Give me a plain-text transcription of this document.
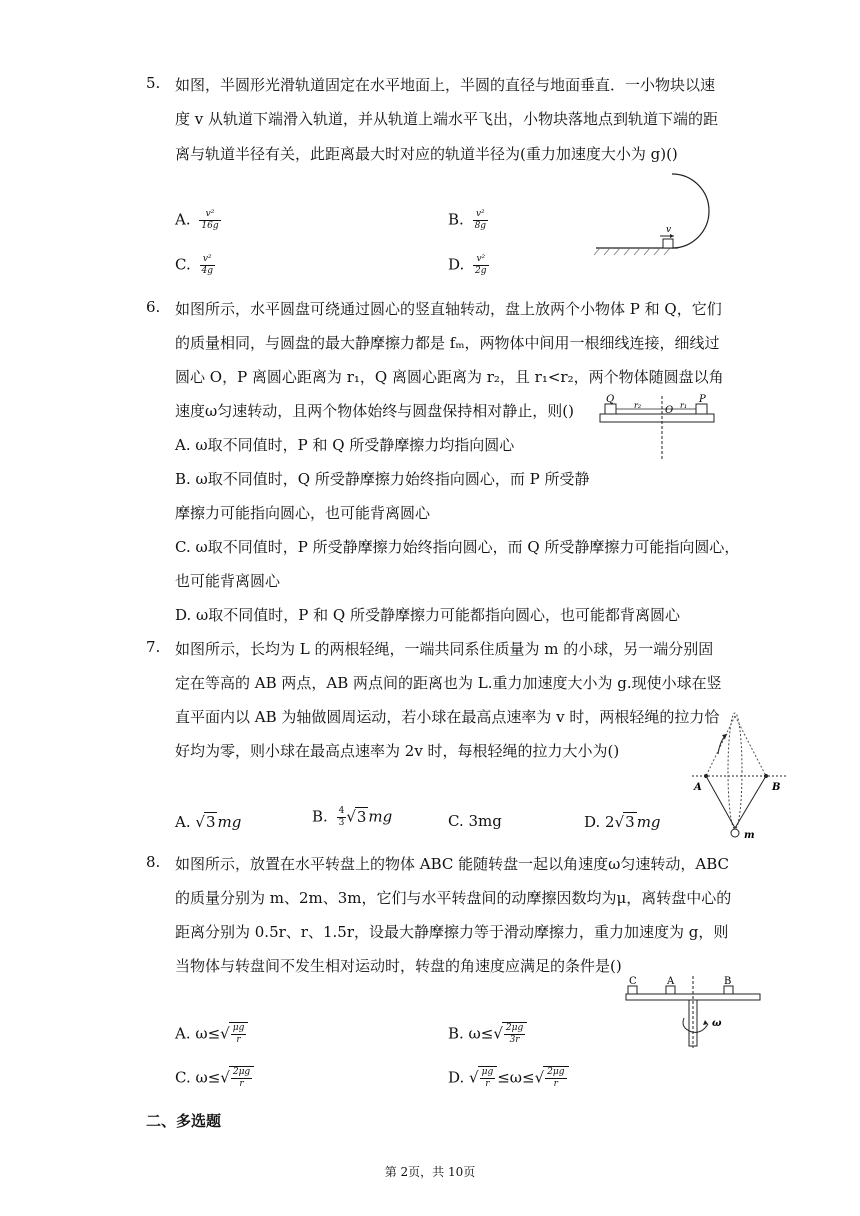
5. 如图，半圆形光滑轨道固定在水平地面上，半圆的直径与地面垂直．一小物块以速
度 v 从轨道下端滑入轨道，并从轨道上端水平飞出，小物块落地点到轨道下端的距
离与轨道半径有关，此距离最大时对应的轨道半径为(重力加速度大小为 g)()
A. $\frac{\text{v²}}{16g}$	B. $\frac{\text{v²}}{8g}$
C. $\frac{\text{v²}}{4g}$	D. $\frac{\text{v²}}{2g}$
v
6. 如图所示，水平圆盘可绕通过圆心的竖直轴转动，盘上放两个小物体 P 和 Q，它们
的质量相同，与圆盘的最大静摩擦力都是 fₘ，两物体中间用一根细线连接，细线过
圆心 O，P 离圆心距离为 r₁，Q 离圆心距离为 r₂，且 r₁<r₂，两个物体随圆盘以角
速度ω匀速转动，且两个物体始终与圆盘保持相对静止，则()
A. ω取不同值时，P 和 Q 所受静摩擦力均指向圆心
B. ω取不同值时，Q 所受静摩擦力始终指向圆心，而 P 所受静
摩擦力可能指向圆心，也可能背离圆心
C. ω取不同值时，P 所受静摩擦力始终指向圆心，而 Q 所受静摩擦力可能指向圆心，
也可能背离圆心
D. ω取不同值时，P 和 Q 所受静摩擦力可能都指向圆心，也可能都背离圆心
Q
r₂ O r₁
P
7. 如图所示，长均为 L 的两根轻绳，一端共同系住质量为 m 的小球，另一端分别固
定在等高的 AB 两点，AB 两点间的距离也为 L.重力加速度大小为 g.现使小球在竖
直平面内以 AB 为轴做圆周运动，若小球在最高点速率为 v 时，两根轻绳的拉力恰
好均为零，则小球在最高点速率为 2v 时，每根轻绳的拉力大小为()
A. √3 mg	B. $\frac{4}{3} √3$ mg	C. 3mg	D. 2√3 mg
A	B
m
8. 如图所示，放置在水平转盘上的物体 ABC 能随转盘一起以角速度ω匀速转动，ABC
的质量分别为 m、2m、3m，它们与水平转盘间的动摩擦因数均为μ，离转盘中心的
距离分别为 0.5r、r、1.5r，设最大静摩擦力等于滑动摩擦力，重力加速度为 g，则
当物体与转盘间不发生相对运动时，转盘的角速度应满足的条件是()
A. $\omega\le√ \frac{\mu g}{r}$	B. $\omega\le√ \frac{2\mu g}{3r}$
C. $\omega\le√ \frac{2\mu g}{r}$	D. √ $\frac{\mu g}{r} \le\omega\le√ \frac{2\mu g}{r}$
C	A	B
ω
二、多选题
第 2页，共 10页
